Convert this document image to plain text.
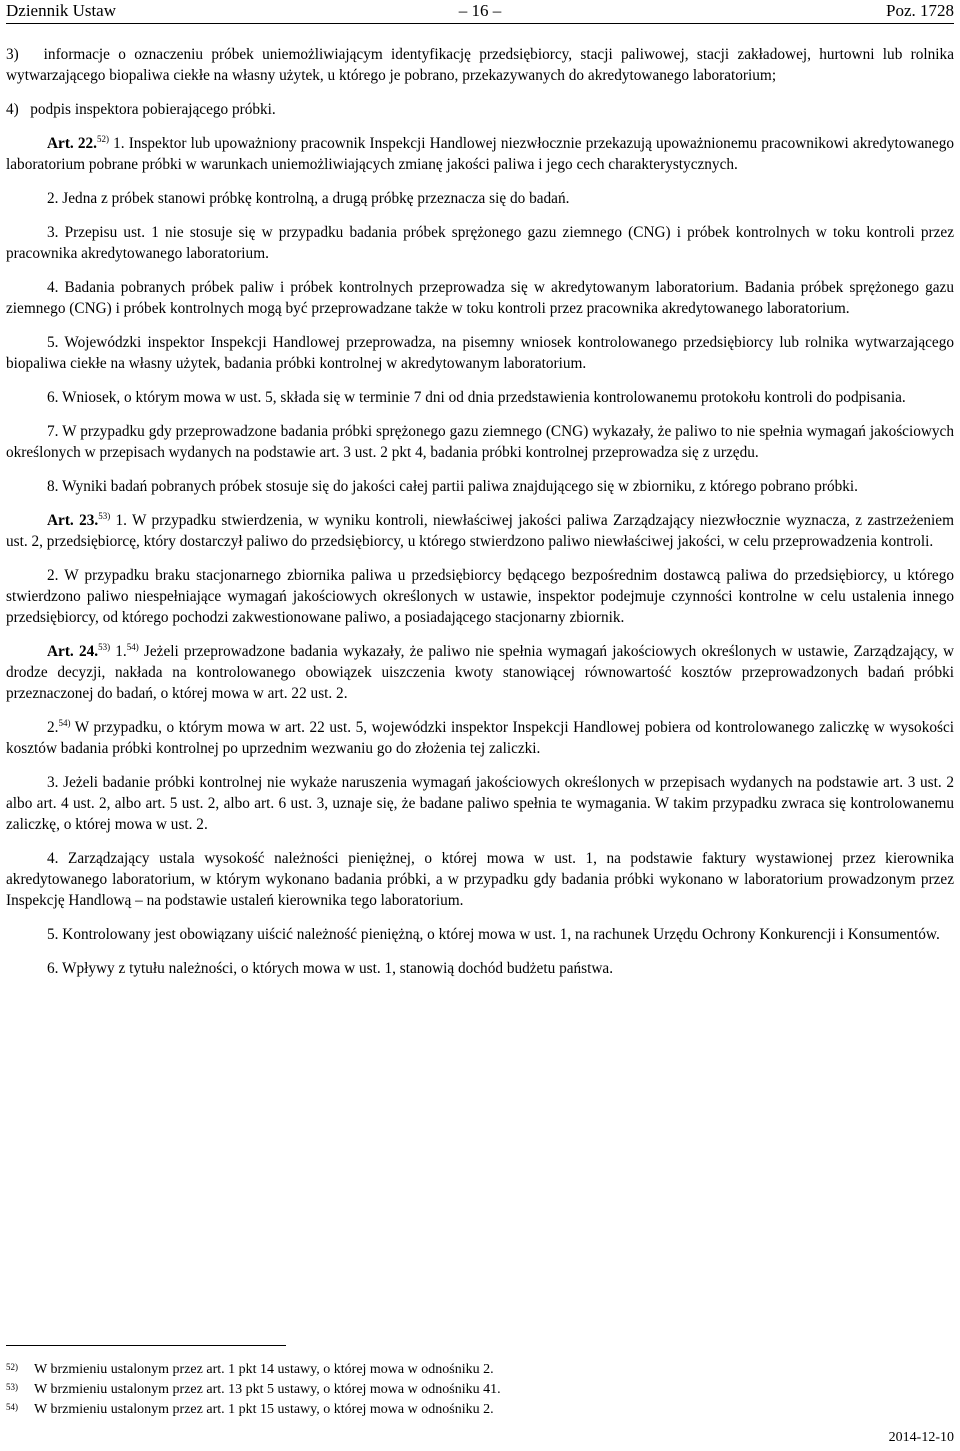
Dziennik Ustaw	– 16 –	Poz. 1728

3)   informacje o oznaczeniu próbek uniemożliwiającym identyfikację przedsiębiorcy, stacji paliwowej, stacji zakładowej, hurtowni lub rolnika wytwarzającego biopaliwa ciekłe na własny użytek, u którego je pobrano, przekazywanych do akredytowanego laboratorium;

4)   podpis inspektora pobierającego próbki.

Art. 22.$^{52)}$ 1. Inspektor lub upoważniony pracownik Inspekcji Handlowej niezwłocznie przekazują upoważnionemu pracownikowi akredytowanego laboratorium pobrane próbki w warunkach uniemożliwiających zmianę jakości paliwa i jego cech charakterystycznych.

2. Jedna z próbek stanowi próbkę kontrolną, a drugą próbkę przeznacza się do badań.

3. Przepisu ust. 1 nie stosuje się w przypadku badania próbek sprężonego gazu ziemnego (CNG) i próbek kontrolnych w toku kontroli przez pracownika akredytowanego laboratorium.

4. Badania pobranych próbek paliw i próbek kontrolnych przeprowadza się w akredytowanym laboratorium. Badania próbek sprężonego gazu ziemnego (CNG) i próbek kontrolnych mogą być przeprowadzane także w toku kontroli przez pracownika akredytowanego laboratorium.

5. Wojewódzki inspektor Inspekcji Handlowej przeprowadza, na pisemny wniosek kontrolowanego przedsiębiorcy lub rolnika wytwarzającego biopaliwa ciekłe na własny użytek, badania próbki kontrolnej w akredytowanym laboratorium.

6. Wniosek, o którym mowa w ust. 5, składa się w terminie 7 dni od dnia przedstawienia kontrolowanemu protokołu kontroli do podpisania.

7. W przypadku gdy przeprowadzone badania próbki sprężonego gazu ziemnego (CNG) wykazały, że paliwo to nie spełnia wymagań jakościowych określonych w przepisach wydanych na podstawie art. 3 ust. 2 pkt 4, badania próbki kontrolnej przeprowadza się z urzędu.

8. Wyniki badań pobranych próbek stosuje się do jakości całej partii paliwa znajdującego się w zbiorniku, z którego pobrano próbki.

Art. 23.$^{53)}$ 1. W przypadku stwierdzenia, w wyniku kontroli, niewłaściwej jakości paliwa Zarządzający niezwłocznie wyznacza, z zastrzeżeniem ust. 2, przedsiębiorcę, który dostarczył paliwo do przedsiębiorcy, u którego stwierdzono paliwo niewłaściwej jakości, w celu przeprowadzenia kontroli.

2. W przypadku braku stacjonarnego zbiornika paliwa u przedsiębiorcy będącego bezpośrednim dostawcą paliwa do przedsiębiorcy, u którego stwierdzono paliwo niespełniające wymagań jakościowych określonych w ustawie, inspektor podejmuje czynności kontrolne w celu ustalenia innego przedsiębiorcy, od którego pochodzi zakwestionowane paliwo, a posiadającego stacjonarny zbiornik.

Art. 24.$^{53)}$ 1.$^{54)}$ Jeżeli przeprowadzone badania wykazały, że paliwo nie spełnia wymagań jakościowych określonych w ustawie, Zarządzający, w drodze decyzji, nakłada na kontrolowanego obowiązek uiszczenia kwoty stanowiącej równowartość kosztów przeprowadzonych badań próbki przeznaczonej do badań, o której mowa w art. 22 ust. 2.

2.$^{54)}$ W przypadku, o którym mowa w art. 22 ust. 5, wojewódzki inspektor Inspekcji Handlowej pobiera od kontrolowanego zaliczkę w wysokości kosztów badania próbki kontrolnej po uprzednim wezwaniu go do złożenia tej zaliczki.

3. Jeżeli badanie próbki kontrolnej nie wykaże naruszenia wymagań jakościowych określonych w przepisach wydanych na podstawie art. 3 ust. 2 albo art. 4 ust. 2, albo art. 5 ust. 2, albo art. 6 ust. 3, uznaje się, że badane paliwo spełnia te wymagania. W takim przypadku zwraca się kontrolowanemu zaliczkę, o której mowa w ust. 2.

4. Zarządzający ustala wysokość należności pieniężnej, o której mowa w ust. 1, na podstawie faktury wystawionej przez kierownika akredytowanego laboratorium, w którym wykonano badania próbki, a w przypadku gdy badania próbki wykonano w laboratorium prowadzonym przez Inspekcję Handlową – na podstawie ustaleń kierownika tego laboratorium.

5. Kontrolowany jest obowiązany uiścić należność pieniężną, o której mowa w ust. 1, na rachunek Urzędu Ochrony Konkurencji i Konsumentów.

6. Wpływy z tytułu należności, o których mowa w ust. 1, stanowią dochód budżetu państwa.

52) W brzmieniu ustalonym przez art. 1 pkt 14 ustawy, o której mowa w odnośniku 2.

53) W brzmieniu ustalonym przez art. 13 pkt 5 ustawy, o której mowa w odnośniku 41.

54) W brzmieniu ustalonym przez art. 1 pkt 15 ustawy, o której mowa w odnośniku 2.

2014-12-10
